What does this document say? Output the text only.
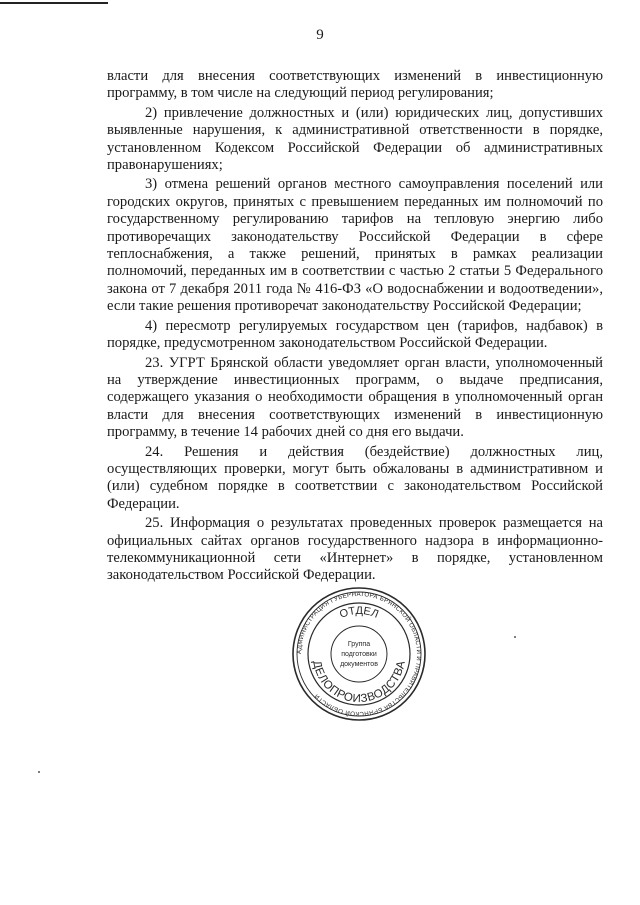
9

власти для внесения соответствующих изменений в инвестиционную программу, в том числе на следующий период регулирования;

2) привлечение должностных и (или) юридических лиц, допустивших выявленные нарушения, к административной ответственности в порядке, установленном Кодексом Российской Федерации об административных правонарушениях;

3) отмена решений органов местного самоуправления поселений или городских округов, принятых с превышением переданных им полномочий по государственному регулированию тарифов на тепловую энергию либо противоречащих законодательству Российской Федерации в сфере теплоснабжения, а также решений, принятых в рамках реализации полномочий, переданных им в соответствии с частью 2 статьи 5 Федерального закона от 7 декабря 2011 года № 416-ФЗ «О водоснабжении и водоотведении», если такие решения противоречат законодательству Российской Федерации;

4) пересмотр регулируемых государством цен (тарифов, надбавок) в порядке, предусмотренном законодательством Российской Федерации.

23. УГРТ Брянской области уведомляет орган власти, уполномоченный на утверждение инвестиционных программ, о выдаче предписания, содержащего указания о необходимости обращения в уполномоченный орган власти для внесения соответствующих изменений в инвестиционную программу, в течение 14 рабочих дней со дня его выдачи.

24. Решения и действия (бездействие) должностных лиц, осуществляющих проверки, могут быть обжалованы в административном и (или) судебном порядке в соответствии с законодательством Российской Федерации.

25. Информация о результатах проведенных проверок размещается на официальных сайтах органов государственного надзора в информационно-телекоммуникационной сети «Интернет» в порядке, установленном законодательством Российской Федерации.

АДМИНИСТРАЦИЯ ГУБЕРНАТОРА БРЯНСКОЙ ОБЛАСТИ И ПРАВИТЕЛЬСТВА БРЯНСКОЙ ОБЛАСТИ
ОТДЕЛ
ДЕЛОПРОИЗВОДСТВА
Группа
подготовки
документов
